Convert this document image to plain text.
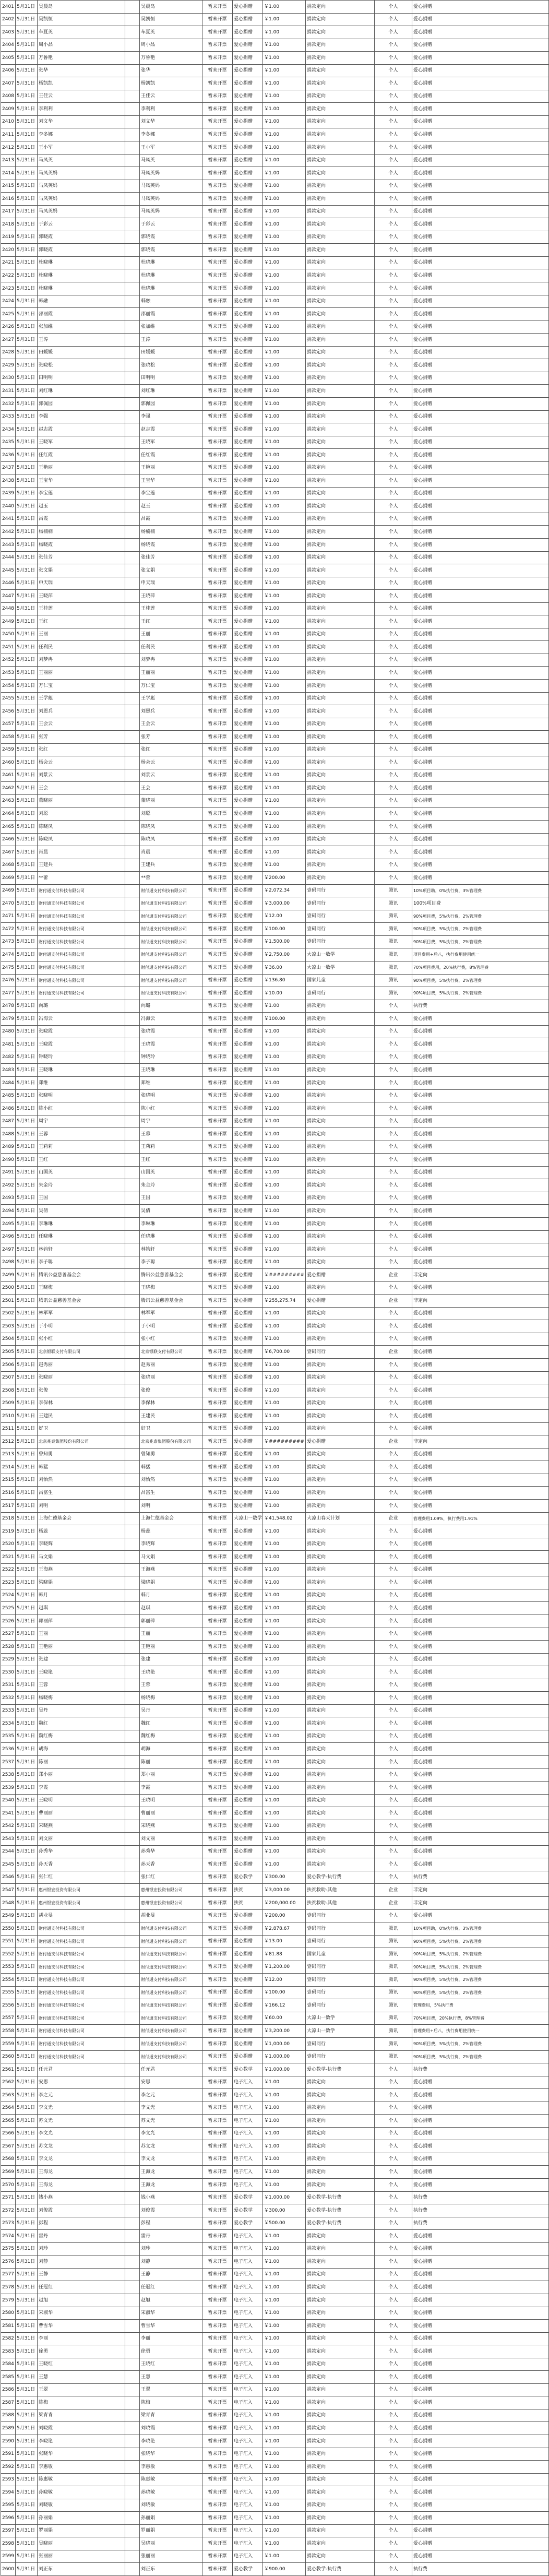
2401	5月31日	吴晨岛		吴晨岛	暂未开票	爱心捐赠	￥1.00	捐款定向	个人	爱心捐赠
2402	5月31日	吴凯恒		吴凯恒	暂未开票	爱心捐赠	￥1.00	捐款定向	个人	爱心捐赠
2403	5月31日	车夏英		车夏英	暂未开票	爱心捐赠	￥1.00	捐款定向	个人	爱心捐赠
2404	5月31日	周小晶		周小晶	暂未开票	爱心捐赠	￥1.00	捐款定向	个人	爱心捐赠
2405	5月31日	万鲁艳		万鲁艳	暂未开票	爱心捐赠	￥1.00	捐款定向	个人	爱心捐赠
2406	5月31日	张华		张华	暂未开票	爱心捐赠	￥1.00	捐款定向	个人	爱心捐赠
2407	5月31日	杨凯凯		杨凯凯	暂未开票	爱心捐赠	￥1.00	捐款定向	个人	爱心捐赠
2408	5月31日	王佳云		王佳云	暂未开票	爱心捐赠	￥1.00	捐款定向	个人	爱心捐赠
2409	5月31日	李利利		李利利	暂未开票	爱心捐赠	￥1.00	捐款定向	个人	爱心捐赠
2410	5月31日	刘文华		刘文华	暂未开票	爱心捐赠	￥1.00	捐款定向	个人	爱心捐赠
2411	5月31日	李冬娜		李冬娜	暂未开票	爱心捐赠	￥1.00	捐款定向	个人	爱心捐赠
2412	5月31日	王小军		王小军	暂未开票	爱心捐赠	￥1.00	捐款定向	个人	爱心捐赠
2413	5月31日	马凤英		马凤英	暂未开票	爱心捐赠	￥1.00	捐款定向	个人	爱心捐赠
2414	5月31日	马凤英妈		马凤英妈	暂未开票	爱心捐赠	￥1.00	捐款定向	个人	爱心捐赠
2415	5月31日	马凤英妈		马凤英妈	暂未开票	爱心捐赠	￥1.00	捐款定向	个人	爱心捐赠
2416	5月31日	马凤英妈		马凤英妈	暂未开票	爱心捐赠	￥1.00	捐款定向	个人	爱心捐赠
2417	5月31日	马凤英妈		马凤英妈	暂未开票	爱心捐赠	￥1.00	捐款定向	个人	爱心捐赠
2418	5月31日	于彩云		于彩云	暂未开票	爱心捐赠	￥1.00	捐款定向	个人	爱心捐赠
2419	5月31日	郭晓霞		郭晓霞	暂未开票	爱心捐赠	￥1.00	捐款定向	个人	爱心捐赠
2420	5月31日	郭晓霞		郭晓霞	暂未开票	爱心捐赠	￥1.00	捐款定向	个人	爱心捐赠
2421	5月31日	杜晓琳		杜晓琳	暂未开票	爱心捐赠	￥1.00	捐款定向	个人	爱心捐赠
2422	5月31日	杜晓琳		杜晓琳	暂未开票	爱心捐赠	￥1.00	捐款定向	个人	爱心捐赠
2423	5月31日	杜晓琳		杜晓琳	暂未开票	爱心捐赠	￥1.00	捐款定向	个人	爱心捐赠
2424	5月31日	韩融		韩融	暂未开票	爱心捐赠	￥1.00	捐款定向	个人	爱心捐赠
2425	5月31日	邵丽霞		邵丽霞	暂未开票	爱心捐赠	￥1.00	捐款定向	个人	爱心捐赠
2426	5月31日	张加维		张加维	暂未开票	爱心捐赠	￥1.00	捐款定向	个人	爱心捐赠
2427	5月31日	王涛		王涛	暂未开票	爱心捐赠	￥1.00	捐款定向	个人	爱心捐赠
2428	5月31日	田媛媛		田媛媛	暂未开票	爱心捐赠	￥1.00	捐款定向	个人	爱心捐赠
2429	5月31日	张晓松		张晓松	暂未开票	爱心捐赠	￥1.00	捐款定向	个人	爱心捐赠
2430	5月31日	田明明		田明明	暂未开票	爱心捐赠	￥1.00	捐款定向	个人	爱心捐赠
2431	5月31日	刘红琳		刘红琳	暂未开票	爱心捐赠	￥1.00	捐款定向	个人	爱心捐赠
2432	5月31日	郭佩园		郭佩园	暂未开票	爱心捐赠	￥1.00	捐款定向	个人	爱心捐赠
2433	5月31日	李强		李强	暂未开票	爱心捐赠	￥1.00	捐款定向	个人	爱心捐赠
2434	5月31日	赵志霞		赵志霞	暂未开票	爱心捐赠	￥1.00	捐款定向	个人	爱心捐赠
2435	5月31日	王晓军		王晓军	暂未开票	爱心捐赠	￥1.00	捐款定向	个人	爱心捐赠
2436	5月31日	任红霞		任红霞	暂未开票	爱心捐赠	￥1.00	捐款定向	个人	爱心捐赠
2437	5月31日	王艳丽		王艳丽	暂未开票	爱心捐赠	￥1.00	捐款定向	个人	爱心捐赠
2438	5月31日	王宝华		王宝华	暂未开票	爱心捐赠	￥1.00	捐款定向	个人	爱心捐赠
2439	5月31日	李宝莲		李宝莲	暂未开票	爱心捐赠	￥1.00	捐款定向	个人	爱心捐赠
2440	5月31日	赵玉		赵玉	暂未开票	爱心捐赠	￥1.00	捐款定向	个人	爱心捐赠
2441	5月31日	吕霞		吕霞	暂未开票	爱心捐赠	￥1.00	捐款定向	个人	爱心捐赠
2442	5月31日	杨楠楠		杨楠楠	暂未开票	爱心捐赠	￥1.00	捐款定向	个人	爱心捐赠
2443	5月31日	杨晓霞		杨晓霞	暂未开票	爱心捐赠	￥1.00	捐款定向	个人	爱心捐赠
2444	5月31日	张佳芳		张佳芳	暂未开票	爱心捐赠	￥1.00	捐款定向	个人	爱心捐赠
2445	5月31日	张文娟		张文娟	暂未开票	爱心捐赠	￥1.00	捐款定向	个人	爱心捐赠
2446	5月31日	申天瑞		申天瑞	暂未开票	爱心捐赠	￥1.00	捐款定向	个人	爱心捐赠
2447	5月31日	王晓萍		王晓萍	暂未开票	爱心捐赠	￥1.00	捐款定向	个人	爱心捐赠
2448	5月31日	王桂莲		王桂莲	暂未开票	爱心捐赠	￥1.00	捐款定向	个人	爱心捐赠
2449	5月31日	王红		王红	暂未开票	爱心捐赠	￥1.00	捐款定向	个人	爱心捐赠
2450	5月31日	王丽		王丽	暂未开票	爱心捐赠	￥1.00	捐款定向	个人	爱心捐赠
2451	5月31日	任利民		任利民	暂未开票	爱心捐赠	￥1.00	捐款定向	个人	爱心捐赠
2452	5月31日	刘梦冉		刘梦冉	暂未开票	爱心捐赠	￥1.00	捐款定向	个人	爱心捐赠
2453	5月31日	王丽丽		王丽丽	暂未开票	爱心捐赠	￥1.00	捐款定向	个人	爱心捐赠
2454	5月31日	万仁宝		万仁宝	暂未开票	爱心捐赠	￥1.00	捐款定向	个人	爱心捐赠
2455	5月31日	王学彪		王学彪	暂未开票	爱心捐赠	￥1.00	捐款定向	个人	爱心捐赠
2456	5月31日	刘恩兵		刘恩兵	暂未开票	爱心捐赠	￥1.00	捐款定向	个人	爱心捐赠
2457	5月31日	王会云		王会云	暂未开票	爱心捐赠	￥1.00	捐款定向	个人	爱心捐赠
2458	5月31日	张芳		张芳	暂未开票	爱心捐赠	￥1.00	捐款定向	个人	爱心捐赠
2459	5月31日	张红		张红	暂未开票	爱心捐赠	￥1.00	捐款定向	个人	爱心捐赠
2460	5月31日	杨会云		杨会云	暂未开票	爱心捐赠	￥1.00	捐款定向	个人	爱心捐赠
2461	5月31日	刘景云		刘景云	暂未开票	爱心捐赠	￥1.00	捐款定向	个人	爱心捐赠
2462	5月31日	王会		王会	暂未开票	爱心捐赠	￥1.00	捐款定向	个人	爱心捐赠
2463	5月31日	董晓丽		董晓丽	暂未开票	爱心捐赠	￥1.00	捐款定向	个人	爱心捐赠
2464	5月31日	刘聪		刘聪	暂未开票	爱心捐赠	￥1.00	捐款定向	个人	爱心捐赠
2465	5月31日	陈晓凤		陈晓凤	暂未开票	爱心捐赠	￥1.00	捐款定向	个人	爱心捐赠
2466	5月31日	陈晓凤		陈晓凤	暂未开票	爱心捐赠	￥1.00	捐款定向	个人	爱心捐赠
2467	5月31日	肖晨		肖晨	暂未开票	爱心捐赠	￥1.00	捐款定向	个人	爱心捐赠
2468	5月31日	王建兵		王建兵	暂未开票	爱心捐赠	￥1.00	捐款定向	个人	爱心捐赠
2469	5月31日	**蕾		**蕾	暂未开票	爱心捐赠	￥200.00	捐款定向	个人	爱心捐赠
2469	5月31日	财付通支付科技有限公司		财付通支付科技有限公司	暂未开票	爱心捐赠	￥2,072.34	壹码同行	腾讯	10%项目助，0%执行费，3%管理费
2470	5月31日	财付通支付科技有限公司		财付通支付科技有限公司	暂未开票	爱心捐赠	￥3,000.00	壹码同行	腾讯	100%项目费
2471	5月31日	财付通支付科技有限公司		财付通支付科技有限公司	暂未开票	爱心捐赠	￥12.00	壹码同行	腾讯	90%项目费，5%执行费，2%管理费
2472	5月31日	财付通支付科技有限公司		财付通支付科技有限公司	暂未开票	爱心捐赠	￥100.00	壹码同行	腾讯	90%项目费，5%执行费，2%管理费
2473	5月31日	财付通支付科技有限公司		财付通支付科技有限公司	暂未开票	爱心捐赠	￥1,500.00	壹码同行	腾讯	90%项目费，5%执行费，2%管理费
2474	5月31日	财付通支付科技有限公司		财付通支付科技有限公司	暂未开票	爱心捐赠	￥2,750.00	大凉山一数学	腾讯	项目费用+后八，执行费用使用统一
2475	5月31日	财付通支付科技有限公司		财付通支付科技有限公司	暂未开票	爱心捐赠	￥36.00	大凉山一数学	腾讯	70%项目费用，20%执行费，8%管理费
2476	5月31日	财付通支付科技有限公司		财付通支付科技有限公司	暂未开票	爱心捐赠	￥136.80	国家儿童	腾讯	90%项目费，5%执行费，2%管理费
2477	5月31日	财付通支付科技有限公司		财付通支付科技有限公司	暂未开票	爱心捐赠	￥10.00	壹码同行	腾讯	90%项目费，5%执行费，2%管理费
2478	5月31日	向璐		向璐	暂未开票	爱心捐赠	￥1.00	捐款定向	个人	执行费
2479	5月31日	冯海云		冯海云	暂未开票	爱心捐赠	￥100.00	捐款定向	个人	爱心捐赠
2480	5月31日	张晓霞		张晓霞	暂未开票	爱心捐赠	￥1.00	捐款定向	个人	爱心捐赠
2481	5月31日	王晓霞		王晓霞	暂未开票	爱心捐赠	￥1.00	捐款定向	个人	爱心捐赠
2482	5月31日	钟晓玲		钟晓玲	暂未开票	爱心捐赠	￥1.00	捐款定向	个人	爱心捐赠
2483	5月31日	王晓琳		王晓琳	暂未开票	爱心捐赠	￥1.00	捐款定向	个人	爱心捐赠
2484	5月31日	郑维		郑维	暂未开票	爱心捐赠	￥1.00	捐款定向	个人	爱心捐赠
2485	5月31日	张晓明		张晓明	暂未开票	爱心捐赠	￥1.00	捐款定向	个人	爱心捐赠
2486	5月31日	陈小红		陈小红	暂未开票	爱心捐赠	￥1.00	捐款定向	个人	爱心捐赠
2487	5月31日	周宇		周宇	暂未开票	爱心捐赠	￥1.00	捐款定向	个人	爱心捐赠
2488	5月31日	王蓉		王蓉	暂未开票	爱心捐赠	￥1.00	捐款定向	个人	爱心捐赠
2489	5月31日	王莉莉		王莉莉	暂未开票	爱心捐赠	￥1.00	捐款定向	个人	爱心捐赠
2490	5月31日	王红		王红	暂未开票	爱心捐赠	￥1.00	捐款定向	个人	爱心捐赠
2491	5月31日	山国英		山国英	暂未开票	爱心捐赠	￥1.00	捐款定向	个人	爱心捐赠
2492	5月31日	朱金玲		朱金玲	暂未开票	爱心捐赠	￥1.00	捐款定向	个人	爱心捐赠
2493	5月31日	王国		王国	暂未开票	爱心捐赠	￥1.00	捐款定向	个人	爱心捐赠
2494	5月31日	吴倩		吴倩	暂未开票	爱心捐赠	￥1.00	捐款定向	个人	爱心捐赠
2495	5月31日	李琳琳		李琳琳	暂未开票	爱心捐赠	￥1.00	捐款定向	个人	爱心捐赠
2496	5月31日	任晓琳		任晓琳	暂未开票	爱心捐赠	￥1.00	捐款定向	个人	爱心捐赠
2497	5月31日	林钧轩		林钧轩	暂未开票	爱心捐赠	￥1.00	捐款定向	个人	爱心捐赠
2498	5月31日	李子聪		李子聪	暂未开票	爱心捐赠	￥1.00	捐款定向	个人	爱心捐赠
2499	5月31日	腾讯公益慈善基金会		腾讯公益慈善基金会	暂未开票	爱心捐赠	￥#########	爱心捐赠	企业	非定向
2500	5月31日	王晓梅		王晓梅	暂未开票	爱心捐赠	￥1.00	捐款定向	个人	爱心捐赠
2501	5月31日	腾讯公益慈善基金会		腾讯公益慈善基金会	暂未开票	爱心捐赠	￥255,275.74	爱心捐赠	企业	非定向
2502	5月31日	林军军		林军军	暂未开票	爱心捐赠	￥1.00	捐款定向	个人	爱心捐赠
2503	5月31日	于小明		于小明	暂未开票	爱心捐赠	￥1.00	捐款定向	个人	爱心捐赠
2504	5月31日	张小红		张小红	暂未开票	爱心捐赠	￥1.00	捐款定向	个人	爱心捐赠
2505	5月31日	北京银联支付有限公司		北京银联支付有限公司	暂未开票	爱心捐赠	￥6,700.00	壹码同行	企业	爱心捐赠
2506	5月31日	赵秀丽		赵秀丽	暂未开票	爱心捐赠	￥1.00	捐款定向	个人	爱心捐赠
2507	5月31日	张晓丽		张晓丽	暂未开票	爱心捐赠	￥1.00	捐款定向	个人	爱心捐赠
2508	5月31日	张俊		张俊	暂未开票	爱心捐赠	￥1.00	捐款定向	个人	爱心捐赠
2509	5月31日	李保林		李保林	暂未开票	爱心捐赠	￥1.00	捐款定向	个人	爱心捐赠
2510	5月31日	王建民		王建民	暂未开票	爱心捐赠	￥1.00	捐款定向	个人	爱心捐赠
2511	5月31日	好卫		好卫	暂未开票	爱心捐赠	￥1.00	捐款定向	个人	爱心捐赠
2512	5月31日	北京兆泰集团股份有限公司		北京兆泰集团股份有限公司	暂未开票	爱心捐赠	￥#########	爱心捐赠	企业	非定向
2513	5月31日	曾知勇		曾知勇	暂未开票	爱心捐赠	￥1.00	捐款定向	个人	爱心捐赠
2514	5月31日	韩猛		韩猛	暂未开票	爱心捐赠	￥1.00	捐款定向	个人	爱心捐赠
2515	5月31日	刘怡然		刘怡然	暂未开票	爱心捐赠	￥1.00	捐款定向	个人	爱心捐赠
2516	5月31日	吕富生		吕富生	暂未开票	爱心捐赠	￥1.00	捐款定向	个人	爱心捐赠
2517	5月31日	刘明		刘明	暂未开票	爱心捐赠	￥1.00	捐款定向	个人	爱心捐赠
2518	5月31日	上海仁德基金会		上海仁德基金会	暂未开票	大凉山一数学	￥41,548.02	大凉山春天计划	企业	管理费用1.09%，执行费用1.91%
2519	5月31日	杨蕊		杨蕊	暂未开票	爱心捐赠	￥1.00	捐款定向	个人	爱心捐赠
2520	5月31日	李晓辉		李晓辉	暂未开票	爱心捐赠	￥1.00	捐款定向	个人	爱心捐赠
2521	5月31日	马文娟		马文娟	暂未开票	爱心捐赠	￥1.00	捐款定向	个人	爱心捐赠
2522	5月31日	王海燕		王海燕	暂未开票	爱心捐赠	￥1.00	捐款定向	个人	爱心捐赠
2523	5月31日	梁晓娟		梁晓娟	暂未开票	爱心捐赠	￥1.00	捐款定向	个人	爱心捐赠
2524	5月31日	韩月		韩月	暂未开票	爱心捐赠	￥1.00	捐款定向	个人	爱心捐赠
2525	5月31日	赵琪		赵琪	暂未开票	爱心捐赠	￥1.00	捐款定向	个人	爱心捐赠
2526	5月31日	郭丽萍		郭丽萍	暂未开票	爱心捐赠	￥1.00	捐款定向	个人	爱心捐赠
2527	5月31日	王丽		王丽	暂未开票	爱心捐赠	￥1.00	捐款定向	个人	爱心捐赠
2528	5月31日	王艳丽		王艳丽	暂未开票	爱心捐赠	￥1.00	捐款定向	个人	爱心捐赠
2529	5月31日	张建		张建	暂未开票	爱心捐赠	￥1.00	捐款定向	个人	爱心捐赠
2530	5月31日	王晓艳		王晓艳	暂未开票	爱心捐赠	￥1.00	捐款定向	个人	爱心捐赠
2531	5月31日	王蓉		王蓉	暂未开票	爱心捐赠	￥1.00	捐款定向	个人	爱心捐赠
2532	5月31日	杨晓梅		杨晓梅	暂未开票	爱心捐赠	￥1.00	捐款定向	个人	爱心捐赠
2533	5月31日	吴丹		吴丹	暂未开票	爱心捐赠	￥1.00	捐款定向	个人	爱心捐赠
2534	5月31日	魏红		魏红	暂未开票	爱心捐赠	￥1.00	捐款定向	个人	爱心捐赠
2535	5月31日	魏红梅		魏红梅	暂未开票	爱心捐赠	￥1.00	捐款定向	个人	爱心捐赠
2536	5月31日	胡海		胡海	暂未开票	爱心捐赠	￥1.00	捐款定向	个人	爱心捐赠
2537	5月31日	陈丽		陈丽	暂未开票	爱心捐赠	￥1.00	捐款定向	个人	爱心捐赠
2538	5月31日	郑小丽		郑小丽	暂未开票	爱心捐赠	￥1.00	捐款定向	个人	爱心捐赠
2539	5月31日	李霞		李霞	暂未开票	爱心捐赠	￥1.00	捐款定向	个人	爱心捐赠
2540	5月31日	王晓明		王晓明	暂未开票	爱心捐赠	￥1.00	捐款定向	个人	爱心捐赠
2541	5月31日	曹丽丽		曹丽丽	暂未开票	爱心捐赠	￥1.00	捐款定向	个人	爱心捐赠
2542	5月31日	宋晓燕		宋晓燕	暂未开票	爱心捐赠	￥1.00	捐款定向	个人	爱心捐赠
2543	5月31日	刘文丽		刘文丽	暂未开票	爱心捐赠	￥1.00	捐款定向	个人	爱心捐赠
2544	5月31日	孙秀华		孙秀华	暂未开票	爱心捐赠	￥1.00	捐款定向	个人	爱心捐赠
2545	5月31日	孙天香		孙天香	暂未开票	爱心捐赠	￥1.00	捐款定向	个人	爱心捐赠
2546	5月31日	张仁红		张仁红	暂未开票	爱心教学	￥300.00	爱心教学-执行费	个人	执行费
2547	5月31日	惠州银宏投资有限公司		惠州银宏投资有限公司	暂未开票	扶贫	￥3,000.00	扶贫救助-其他	企业	非定向
2548	5月31日	惠州银宏投资有限公司		惠州银宏投资有限公司	暂未开票	扶贫	￥200,000.00	扶贫救助-其他	企业	非定向
2549	5月31日	胡业旻		胡业旻	暂未开票	爱心捐赠	￥200.00	壹码同行	个人	爱心捐赠
2550	5月31日	财付通支付科技有限公司		财付通支付科技有限公司	暂未开票	爱心捐赠	￥2,878.67	壹码同行	腾讯	10%项目助，0%执行费，3%管理费
2551	5月31日	财付通支付科技有限公司		财付通支付科技有限公司	暂未开票	爱心捐赠	￥13.00	壹码同行	腾讯	90%项目费，5%执行费，2%管理费
2552	5月31日	财付通支付科技有限公司		财付通支付科技有限公司	暂未开票	爱心捐赠	￥81.88	国家儿童	腾讯	90%项目费，5%执行费，2%管理费
2553	5月31日	财付通支付科技有限公司		财付通支付科技有限公司	暂未开票	爱心捐赠	￥1,200.00	壹码同行	腾讯	90%项目费，5%执行费，2%管理费
2554	5月31日	财付通支付科技有限公司		财付通支付科技有限公司	暂未开票	爱心捐赠	￥12.00	壹码同行	腾讯	90%项目费，5%执行费，2%管理费
2555	5月31日	财付通支付科技有限公司		财付通支付科技有限公司	暂未开票	爱心捐赠	￥100.00	壹码同行	腾讯	90%项目费，5%执行费，2%管理费
2556	5月31日	财付通支付科技有限公司		财付通支付科技有限公司	暂未开票	爱心捐赠	￥166.12	壹码同行	腾讯	管理费用，5%执行费
2557	5月31日	财付通支付科技有限公司		财付通支付科技有限公司	暂未开票	爱心捐赠	￥60.00	大凉山一数学	腾讯	70%项目费，20%执行费，8%管理费
2558	5月31日	财付通支付科技有限公司		财付通支付科技有限公司	暂未开票	爱心捐赠	￥3,200.00	大凉山一数学	腾讯	管理费用+后八，执行费用使用统一
2559	5月31日	财付通支付科技有限公司		财付通支付科技有限公司	暂未开票	爱心捐赠	￥1,000.00	壹码同行	腾讯	90%项目费，5%执行费，2%管理费
2560	5月31日	财付通支付科技有限公司		财付通支付科技有限公司	暂未开票	爱心捐赠	￥1,000.00	壹码同行	腾讯	90%项目费，5%执行费，2%管理费
2561	5月31日	任元君		任元君	暂未开票	爱心教学	￥1,000.00	爱心教学-执行费	个人	执行费
2562	5月31日	安思		安思	暂未开票	电子汇入	￥1.00	捐款定向	个人	爱心捐赠
2563	5月31日	李之元		李之元	暂未开票	电子汇入	￥1.00	捐款定向	个人	爱心捐赠
2564	5月31日	李文光		李文光	暂未开票	电子汇入	￥1.00	捐款定向	个人	爱心捐赠
2565	5月31日	苏文光		苏文光	暂未开票	电子汇入	￥1.00	捐款定向	个人	爱心捐赠
2566	5月31日	李文光		李文光	暂未开票	电子汇入	￥1.00	捐款定向	个人	爱心捐赠
2567	5月31日	苏文龙		苏文龙	暂未开票	电子汇入	￥1.00	捐款定向	个人	爱心捐赠
2568	5月31日	李文龙		李文龙	暂未开票	电子汇入	￥1.00	捐款定向	个人	爱心捐赠
2569	5月31日	王海龙		王海龙	暂未开票	电子汇入	￥1.00	捐款定向	个人	爱心捐赠
2570	5月31日	王海龙		王海龙	暂未开票	电子汇入	￥1.00	捐款定向	个人	爱心捐赠
2571	5月31日	钱小燕		钱小燕	暂未开票	爱心教学	￥1,000.00	爱心教学-执行费	个人	执行费
2572	5月31日	刘俊霞		刘俊霞	暂未开票	爱心教学	￥300.00	爱心教学-执行费	个人	执行费
2573	5月31日	彭程		彭程	暂未开票	爱心教学	￥500.00	爱心教学-执行费	个人	执行费
2574	5月31日	雷丹		雷丹	暂未开票	电子汇入	￥1.00	捐款定向	个人	爱心捐赠
2575	5月31日	刘珍		刘珍	暂未开票	电子汇入	￥1.00	捐款定向	个人	爱心捐赠
2576	5月31日	刘静		刘静	暂未开票	电子汇入	￥1.00	捐款定向	个人	爱心捐赠
2577	5月31日	王静		王静	暂未开票	电子汇入	￥1.00	捐款定向	个人	爱心捐赠
2578	5月31日	任冠红		任冠红	暂未开票	电子汇入	￥1.00	捐款定向	个人	爱心捐赠
2579	5月31日	赵旭		赵旭	暂未开票	电子汇入	￥1.00	捐款定向	个人	爱心捐赠
2580	5月31日	宋淑华		宋淑华	暂未开票	电子汇入	￥1.00	捐款定向	个人	爱心捐赠
2581	5月31日	曹雪华		曹雪华	暂未开票	电子汇入	￥1.00	捐款定向	个人	爱心捐赠
2582	5月31日	李丽		李丽	暂未开票	电子汇入	￥1.00	捐款定向	个人	爱心捐赠
2583	5月31日	徐勇		徐勇	暂未开票	电子汇入	￥1.00	捐款定向	个人	爱心捐赠
2584	5月31日	王晓红		王晓红	暂未开票	电子汇入	￥1.00	捐款定向	个人	爱心捐赠
2585	5月31日	王慧		王慧	暂未开票	电子汇入	￥1.00	捐款定向	个人	爱心捐赠
2586	5月31日	王翠		王翠	暂未开票	电子汇入	￥1.00	捐款定向	个人	爱心捐赠
2587	5月31日	陈梅		陈梅	暂未开票	电子汇入	￥1.00	捐款定向	个人	爱心捐赠
2588	5月31日	梁青青		梁青青	暂未开票	电子汇入	￥1.00	捐款定向	个人	爱心捐赠
2589	5月31日	刘晓霞		刘晓霞	暂未开票	电子汇入	￥1.00	捐款定向	个人	爱心捐赠
2590	5月31日	李晓艳		李晓艳	暂未开票	电子汇入	￥1.00	捐款定向	个人	爱心捐赠
2591	5月31日	张晓华		张晓华	暂未开票	电子汇入	￥1.00	捐款定向	个人	爱心捐赠
2592	5月31日	李惠敏		李惠敏	暂未开票	电子汇入	￥1.00	捐款定向	个人	爱心捐赠
2593	5月31日	陈惠敏		陈惠敏	暂未开票	电子汇入	￥1.00	捐款定向	个人	爱心捐赠
2594	5月31日	孙晓敏		孙晓敏	暂未开票	电子汇入	￥1.00	捐款定向	个人	爱心捐赠
2595	5月31日	刘晓敏		刘晓敏	暂未开票	电子汇入	￥1.00	捐款定向	个人	爱心捐赠
2596	5月31日	孙丽娟		孙丽娟	暂未开票	电子汇入	￥1.00	捐款定向	个人	爱心捐赠
2597	5月31日	罗丽娟		罗丽娟	暂未开票	电子汇入	￥1.00	捐款定向	个人	爱心捐赠
2598	5月31日	吴晓丽		吴晓丽	暂未开票	电子汇入	￥1.00	捐款定向	个人	爱心捐赠
2599	5月31日	张丽丽		张丽丽	暂未开票	电子汇入	￥1.00	捐款定向	个人	爱心捐赠
2600	5月31日	刘正东		刘正东	暂未开票	爱心教学	￥900.00	爱心教学-执行费	个人	执行费
